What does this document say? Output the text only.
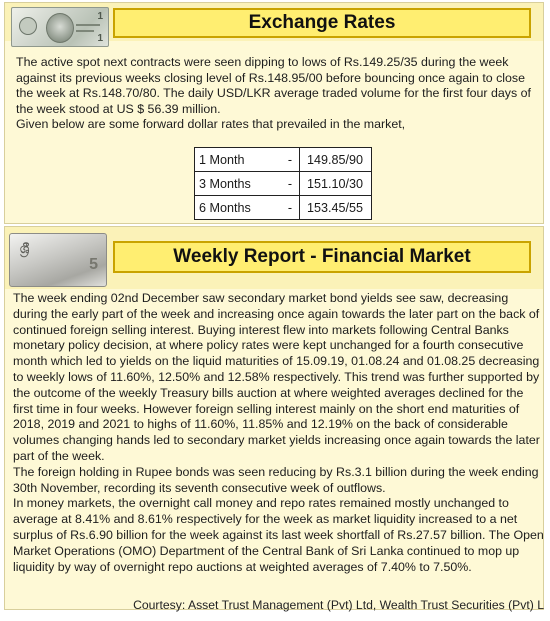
1
1
Exchange Rates

The active spot next contracts were seen dipping to lows of Rs.149.25/35 during the week against its previous weeks closing level of Rs.148.95/00 before bouncing once again to close the week at Rs.148.70/80. The daily USD/LKR average traded volume for the first four days of the week stood at US $ 56.39 million.

Given below are some forward dollar rates that prevailed in the market,

1 Month	-	149.85/90
3 Months	-	151.10/30
6 Months	-	153.45/55
ශ්‍රී
5	Weekly Report - Financial Market
The week ending 02nd December saw secondary market bond yields see saw, decreasing during the early part of the week and increasing once again towards the later part on the back of continued foreign selling interest. Buying interest flew into markets following Central Banks monetary policy decision, at where policy rates were kept unchanged for a fourth consecutive month which led to yields on the liquid maturities of 15.09.19, 01.08.24 and 01.08.25 decreasing to weekly lows of 11.60%, 12.50% and 12.58% respectively. This trend was further supported by the outcome of the weekly Treasury bills auction at where weighted averages declined for the first time in four weeks. However foreign selling interest mainly on the short end maturities of 2018, 2019 and 2021 to highs of 11.60%, 11.85% and 12.19% on the back of considerable volumes changing hands led to secondary market yields increasing once again towards the later part of the week.
The foreign holding in Rupee bonds was seen reducing by Rs.3.1 billion during the week ending 30th November, recording its seventh consecutive week of outflows.
In money markets, the overnight call money and repo rates remained mostly unchanged to average at 8.41% and 8.61% respectively for the week as market liquidity increased to a net surplus of Rs.6.90 billion for the week against its last week shortfall of Rs.27.57 billion. The Open Market Operations (OMO) Department of the Central Bank of Sri Lanka continued to mop up liquidity by way of overnight repo auctions at weighted averages of 7.40% to 7.50%.
Courtesy: Asset Trust Management (Pvt) Ltd, Wealth Trust Securities (Pvt) L
